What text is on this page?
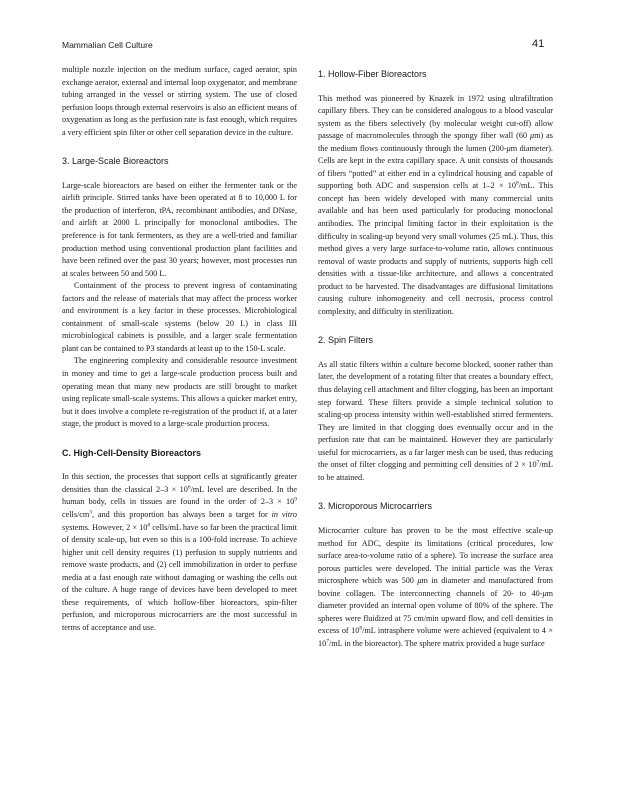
Mammalian Cell Culture	41

multiple nozzle injection on the medium surface, caged aerator, spin exchange aerator, external and internal loop oxygenator, and membrane tubing arranged in the vessel or stirring system. The use of closed perfusion loops through external reservoirs is also an efficient means of oxygenation as long as the perfusion rate is fast enough, which requires a very efficient spin filter or other cell separation device in the culture.

3. Large-Scale Bioreactors

Large-scale bioreactors are based on either the fermenter tank or the airlift principle. Stirred tanks have been operated at 8 to 10,000 L for the production of interferon, tPA, recombinant antibodies, and DNase, and airlift at 2000 L principally for monoclonal antibodies. The preference is for tank fermenters, as they are a well-tried and familiar production method using conventional production plant facilities and have been refined over the past 30 years; however, most processes run at scales between 50 and 500 L.

Containment of the process to prevent ingress of contaminating factors and the release of materials that may affect the process worker and environment is a key factor in these processes. Microbiological containment of small-scale systems (below 20 L) in class III microbiological cabinets is possible, and a larger scale fermentation plant can be contained to P3 standards at least up to the 150-L scale.

The engineering complexity and considerable resource investment in money and time to get a large-scale production process built and operating mean that many new products are still brought to market using replicate small-scale systems. This allows a quicker market entry, but it does involve a complete re-registration of the product if, at a later stage, the product is moved to a large-scale production process.

C. High-Cell-Density Bioreactors

In this section, the processes that support cells at significantly greater densities than the classical $2-3 \times 10^6/mL$ level are described. In the human body, cells in tissues are found in the order of $2-3 \times 10^9$ cells/$cm^3$, and this proportion has always been a target for in vitro systems. However, $2 \times 10^8$ cells/mL have so far been the practical limit of density scale-up, but even so this is a 100-fold increase. To achieve higher unit cell density requires (1) perfusion to supply nutrients and remove waste products, and (2) cell immobilization in order to perfuse media at a fast enough rate without damaging or washing the cells out of the culture. A huge range of devices have been developed to meet these requirements, of which hollow-fiber bioreactors, spin-filter perfusion, and microporous microcarriers are the most successful in terms of acceptance and use.

1. Hollow-Fiber Bioreactors

This method was pioneered by Knazek in 1972 using ultrafiltration capillary fibers. They can be considered analogous to a blood vascular system as the fibers selectively (by molecular weight cut-off) allow passage of macromolecules through the spongy fiber wall (60 μm) as the medium flows continuously through the lumen (200-μm diameter). Cells are kept in the extra capillary space. A unit consists of thousands of fibers “potted” at either end in a cylindrical housing and capable of supporting both ADC and suspension cells at $1-2 \times 10^8/mL$. This concept has been widely developed with many commercial units available and has been used particularly for producing monoclonal antibodies. The principal limiting factor in their exploitation is the difficulty in scaling-up beyond very small volumes (25 mL). Thus, this method gives a very large surface-to-volume ratio, allows continuous removal of waste products and supply of nutrients, supports high cell densities with a tissue-like architecture, and allows a concentrated product to be harvested. The disadvantages are diffusional limitations causing culture inhomogeneity and cell necrosis, process control complexity, and difficulty in sterilization.

2. Spin Filters

As all static filters within a culture become blocked, sooner rather than later, the development of a rotating filter that creates a boundary effect, thus delaying cell attachment and filter clogging, has been an important step forward. These filters provide a simple technical solution to scaling-up process intensity within well-established stirred fermenters. They are limited in that clogging does eventually occur and in the perfusion rate that can be maintained. However they are particularly useful for microcarriers, as a far larger mesh can be used, thus reducing the onset of filter clogging and permitting cell densities of $2 \times 10^7/mL$ to be attained.

3. Microporous Microcarriers

Microcarrier culture has proven to be the most effective scale-up method for ADC, despite its limitations (critical procedures, low surface area-to-volume ratio of a sphere). To increase the surface area porous particles were developed. The initial particle was the Verax microsphere which was 500 μm in diameter and manufactured from bovine collagen. The interconnecting channels of 20- to 40-μm diameter provided an internal open volume of 80% of the sphere. The spheres were fluidized at 75 cm/min upward flow, and cell densities in excess of $10^8/mL$ intrasphere volume were achieved (equivalent to $4 \times 10^7/mL$ in the bioreactor). The sphere matrix provided a huge surface
